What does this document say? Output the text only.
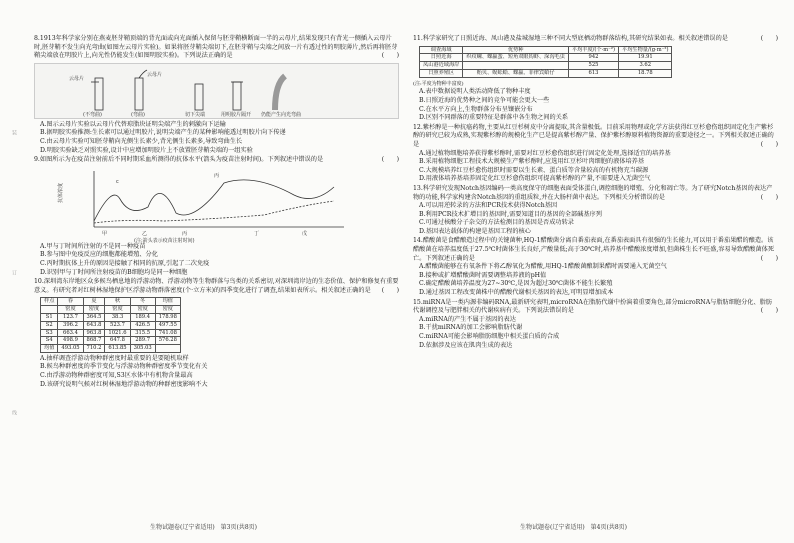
装
订
线

8.1913年科学家分别在燕麦胚芽鞘顶端的背光面或向光面插入保留与胚芽鞘横断面一半的云母片,结果发现只有背光一侧插入云母片时,胚芽鞘不发生向光弯曲(如图左云母片实验)。如果将胚芽鞘尖端切下,在胚芽鞘与尖端之间放一片有透过性的明胶薄片,然后再将胚芽鞘尖端放在明胶片上,向光性仍能发生(如图明胶实验)。下列说法正确的是	(　　)

云母片
云母片
(不弯曲)	(弯曲)	切下尖端	用明胶片隔开 仍能产生向光弯曲

A.图示云母片实验以云母片代替琼脂块证明尖端产生的刺激向下运输

B.据明胶实验推测:生长素可以通过明胶片,说明尖端产生的某种影响能透过明胶片向下传递

C.由云母片实验可知胚芽鞘向光侧生长素少,背光侧生长素多,导致弯曲生长

D.明胶实验缺乏对照实验,设计中应增加明胶片上不放置胚芽鞘尖端的一组实验

9.如图所示为在疫苗注射前后不同时期采血所测得的抗体水平(箭头为疫苗注射时间)。下列叙述中错误的是	(　　)

抗体浓度
甲	乙	丙	丁	戊
c
丙
(注:箭头表示疫苗注射时间)

A.甲与丁时间所注射的不是同一种疫苗

B.参与图中免疫反应的细胞都能增殖、分化

C.丙时期抗体上升的原因是接触了相同的抗原,引起了二次免疫

D.识别甲与丁时间所注射疫苗的B细胞均是同一种细胞

10.深圳湾东岸地区众多候鸟栖息地的浮游动物、浮游动物等生物群落与鸟类的关系密切,对深圳湾岸边的生态价值、保护和修复有重要意义。有研究者对红树林湿地保护区浮游动物群落密度(个·立方米)的四季变化进行了调查,结果如表所示。相关叙述正确的是 (　　)

样点	春	夏	秋	冬	均值
	密度	密度	密度	密度	密度
S1	123.7	364.5	38.3	189.4	178.98
S2	396.2	643.8	523.7	426.5	497.55
S3	663.4	963.8	1021.6	315.5	741.08
S4	498.9	868.7	647.8	289.7	576.28
均值	493.05	710.2	613.85	305.03	

A.抽样调查浮游动物种群密度时最重要的是要随机取样

B.候鸟种群密度的季节变化与浮游动物种群密度季节变化有关

C.由浮游动物种群密度可知,S3区水体中有机物含量最高

D.该研究说明气候对红树林湿地浮游动物的种群密度影响不大

11.科学家研究了日照近海、凤山港及盐城湿地三种不同大型底栖动物群落结构,其研究结果如表。相关叙述错误的是	(　　)

调查海域	优势种	平均丰度/(个·m⁻²)	平均生物量/(g·m⁻²)
日照近海	织纹螺、蜾蠃蜚、短角双眼钩虾、深沟毛虫	942	19.91
凤山港近域海岸		525	3.62
日照养殖区	贻贝、蜈蚣蛤、蜾蠃、菲律宾蛤仔	613	18.78

(注:平度为物种丰富度)

A.表中数据说明人类活动降低了物种丰度

B.日照近海的优势种之间的竞争可能会更大一些

C.在水平方向上,生物群落分布呈镶嵌分布

D.区别不同群落的重要特征是群落中各生物之间的关系

12.紫杉醇是一种抗癌药物,主要从红豆杉树皮中分离提取,其含量极低。目前采用物理或化学方法获得红豆杉愈伤组织固定化生产紫杉醇的研究已较为成熟,实现紫杉醇的规模化生产已是提高紫杉醇产量、保护紫杉醇原料植物资源的重要途径之一。下列相关叙述正确的是	(　　)

A.通过植物细胞培养获得紫杉醇时,需要对红豆杉愈伤组织进行固定化处理,选择适宜的培养基

B.采用植物细胞工程技术大规模生产紫杉醇时,应选用红豆杉叶肉细胞的液体培养基

C.大规模培养红豆杉愈伤组织时需要以生长素、蛋白质等含量较高的有机物充当碳源

D.用液体培养基培养固定化红豆杉愈伤组织可提高紫杉醇的产量,不需要进入无菌空气

13.科学研究发现Notch基因编码一类高度保守的细胞表面受体蛋白,调控细胞的增殖、分化和凋亡等。为了研究Notch基因的表达产物的功能,科学家构建含Notch基因的重组质粒,并在大肠杆菌中表达。下列相关分析错误的是	(　　)

A.可以用逆转录的方法和PCR技术获得Notch基因

B.利用PCR技术扩增目的基因时,需要知道目的基因的全部碱基序列

C.可通过核酸分子杂交的方法检测目的基因是否成功转录

D.基因表达载体的构建是基因工程的核心

14.醋酸菌是食醋酿造过程中的关键菌种,HQ-1醋酸菌分离自番茄表面,在番茄表面具有很强的生长能力,可以用于番茄果醋的酿造。该醋酸菌在培养温度低于27.5℃时菌体生长良好,产酸量低;高于30℃时,培养基中醋酸浓度增加,但菌株生长不旺盛,容易导致醋酸菌体死亡。下列叙述正确的是	(　　)

A.醋酸菌能够在有氧条件下将乙醇氧化为醋酸,用HQ-1醋酸菌酿制果醋时需要通入无菌空气

B.接种或扩增醋酸菌时需要调整培养液的pH值

C.确定醋酸菌培养温度为27~30℃,是因为超过30℃菌体不能生长繁殖

D.通过基因工程改变菌株中的醋酸代谢相关基因的表达,可明显增加成本

15.miRNA是一类内源非编码RNA,最新研究表明,microRNA在脂肪代谢中扮演着重要角色,部分microRNA与脂肪细胞分化、脂肪代谢调控及与肥胖相关的代谢疾病有关。下列说法错误的是	(　　)

A.miRNA的产生不属于基因的表达

B.干扰miRNA的加工会影响脂肪代谢

C.miRNA可能会影响脂肪细胞中相关蛋白质的合成

D.依据涉及应该在肌肉生成的表达

生物试题卷(辽宁省适用)　第3页(共8页)	生物试题卷(辽宁省适用)　第4页(共8页)
